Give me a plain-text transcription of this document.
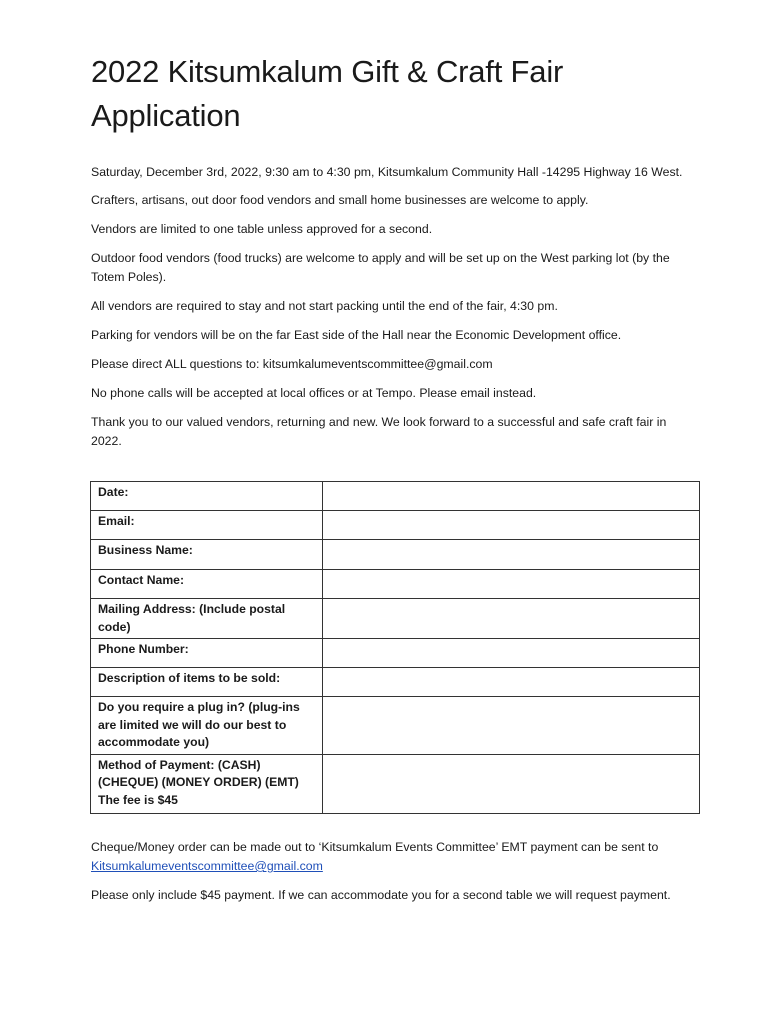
2022 Kitsumkalum Gift & Craft Fair Application

Saturday, December 3rd, 2022, 9:30 am to 4:30 pm, Kitsumkalum Community Hall -14295 Highway 16 West.

Crafters, artisans, out door food vendors and small home businesses are welcome to apply.

Vendors are limited to one table unless approved for a second.

Outdoor food vendors (food trucks) are welcome to apply and will be set up on the West parking lot (by the Totem Poles).

All vendors are required to stay and not start packing until the end of the fair, 4:30 pm.

Parking for vendors will be on the far East side of the Hall near the Economic Development office.

Please direct ALL questions to: kitsumkalumeventscommittee@gmail.com

No phone calls will be accepted at local offices or at Tempo. Please email instead.

Thank you to our valued vendors, returning and new. We look forward to a successful and safe craft fair in 2022.

Date:	
Email:	
Business Name:	
Contact Name:	
Mailing Address: (Include postal code)	
Phone Number:	
Description of items to be sold:	
Do you require a plug in? (plug-ins are limited we will do our best to accommodate you)	
Method of Payment: (CASH) (CHEQUE) (MONEY ORDER) (EMT) The fee is $45	

Cheque/Money order can be made out to ‘Kitsumkalum Events Committee’ EMT payment can be sent to Kitsumkalumeventscommittee@gmail.com

Please only include $45 payment. If we can accommodate you for a second table we will request payment.
